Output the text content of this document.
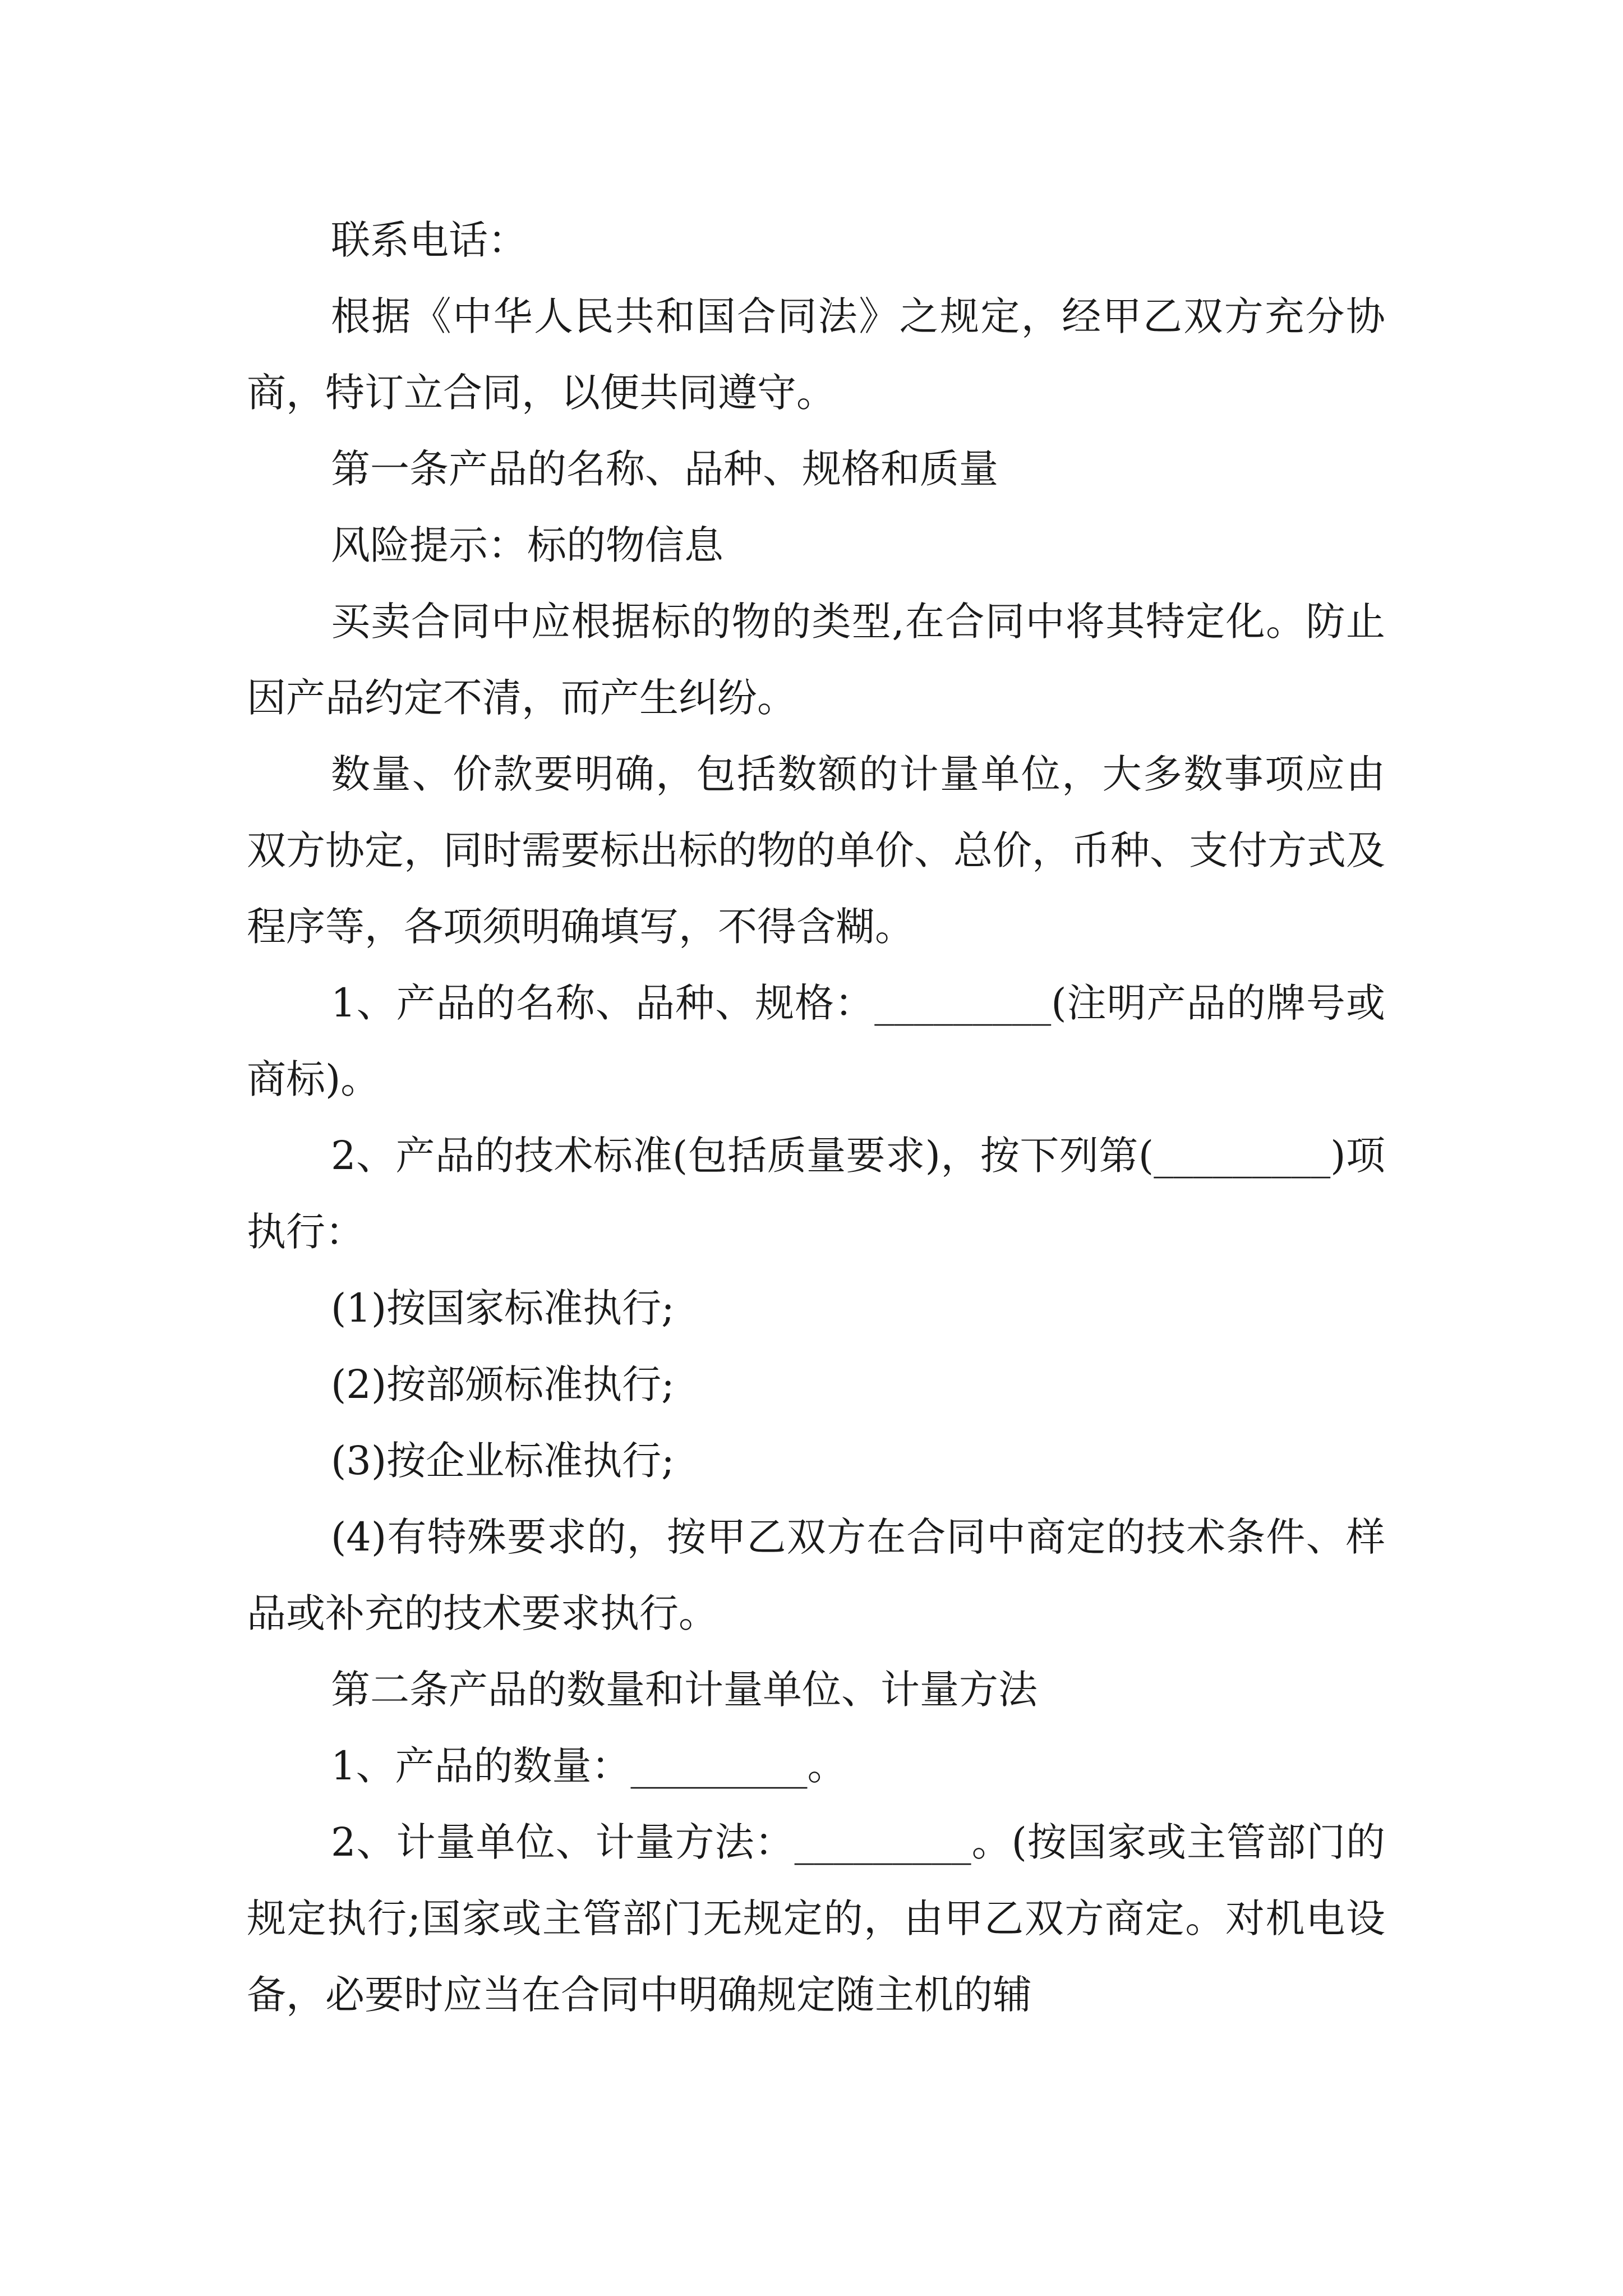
联系电话：

根据《中华人民共和国合同法》之规定，经甲乙双方充分协商，特订立合同，以便共同遵守。

第一条产品的名称、品种、规格和质量

风险提示：标的物信息

买卖合同中应根据标的物的类型,在合同中将其特定化。防止因产品约定不清，而产生纠纷。

数量、价款要明确，包括数额的计量单位，大多数事项应由双方协定，同时需要标出标的物的单价、总价，币种、支付方式及程序等，各项须明确填写，不得含糊。

1、产品的名称、品种、规格：_________(注明产品的牌号或商标)。

2、产品的技术标准(包括质量要求)，按下列第(_________)项执行：

(1)按国家标准执行;

(2)按部颁标准执行;

(3)按企业标准执行;

(4)有特殊要求的，按甲乙双方在合同中商定的技术条件、样品或补充的技术要求执行。

第二条产品的数量和计量单位、计量方法

1、产品的数量：_________。

2、计量单位、计量方法：_________。(按国家或主管部门的规定执行;国家或主管部门无规定的，由甲乙双方商定。对机电设备，必要时应当在合同中明确规定随主机的辅
